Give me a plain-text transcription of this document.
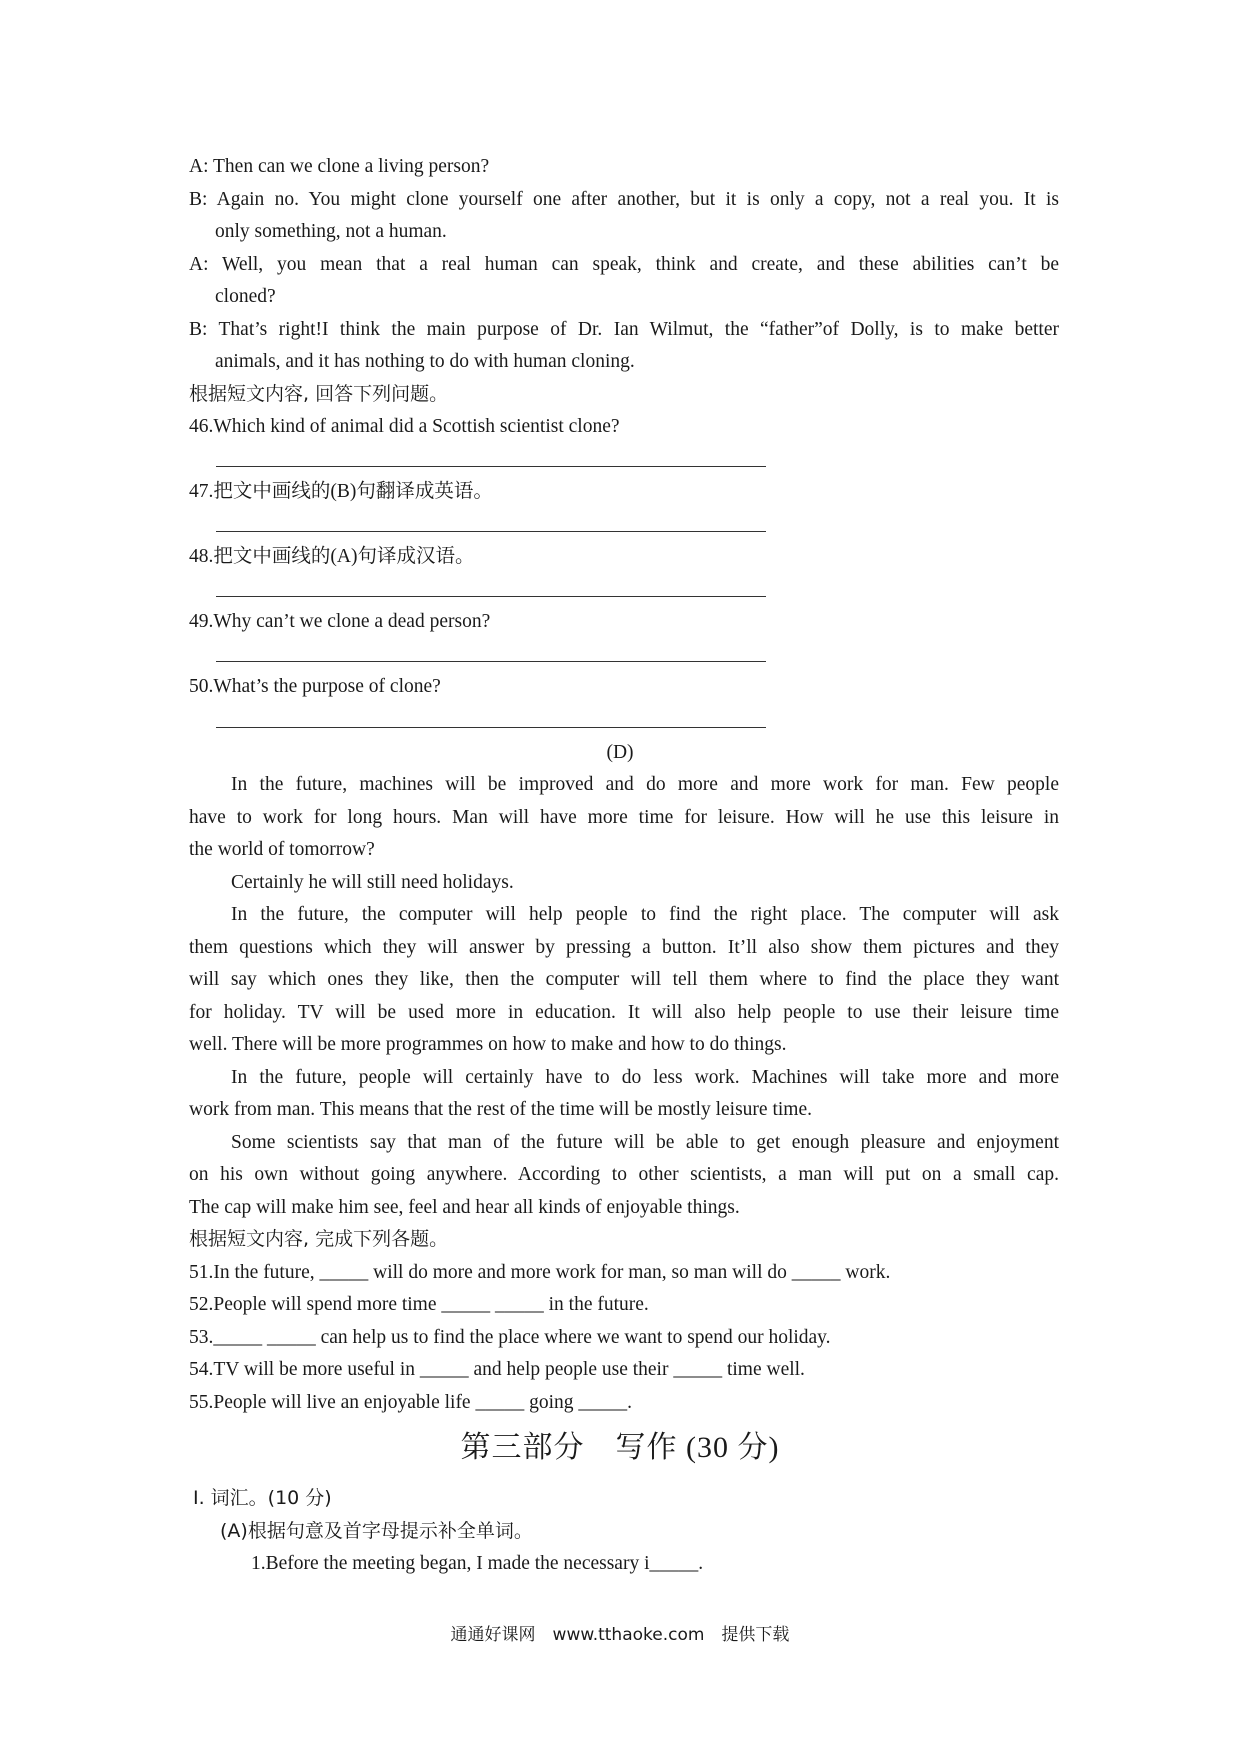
A: Then can we clone a living person?
B: Again no. You might clone yourself one after another, but it is only a copy, not a real you. It is
only something, not a human.
A: Well, you mean that a real human can speak, think and create, and these abilities can’t be
cloned?
B: That’s right!I think the main purpose of Dr. Ian Wilmut, the “father”of Dolly, is to make better
animals, and it has nothing to do with human cloning.
根据短文内容, 回答下列问题。
46.Which kind of animal did a Scottish scientist clone?
47.把文中画线的(B)句翻译成英语。
48.把文中画线的(A)句译成汉语。
49.Why can’t we clone a dead person?
50.What’s the purpose of clone?
(D)
In the future, machines will be improved and do more and more work for man. Few people
have to work for long hours. Man will have more time for leisure. How will he use this leisure in
the world of tomorrow?
Certainly he will still need holidays.
In the future, the computer will help people to find the right place. The computer will ask
them questions which they will answer by pressing a button. It’ll also show them pictures and they
will say which ones they like, then the computer will tell them where to find the place they want
for holiday. TV will be used more in education. It will also help people to use their leisure time
well. There will be more programmes on how to make and how to do things.
In the future, people will certainly have to do less work. Machines will take more and more
work from man. This means that the rest of the time will be mostly leisure time.
Some scientists say that man of the future will be able to get enough pleasure and enjoyment
on his own without going anywhere. According to other scientists, a man will put on a small cap.
The cap will make him see, feel and hear all kinds of enjoyable things.
根据短文内容, 完成下列各题。
51.In the future, _____ will do more and more work for man, so man will do _____ work.
52.People will spend more time _____ _____ in the future.
53._____ _____ can help us to find the place where we want to spend our holiday.
54.TV will be more useful in _____ and help people use their _____ time well.
55.People will live an enjoyable life _____ going _____.
第三部分　写作 (30 分)
Ⅰ. 词汇。(10 分)
(A)根据句意及首字母提示补全单词。
1.Before the meeting began, I made the necessary i_____.
通通好课网　www.tthaoke.com　提供下载
